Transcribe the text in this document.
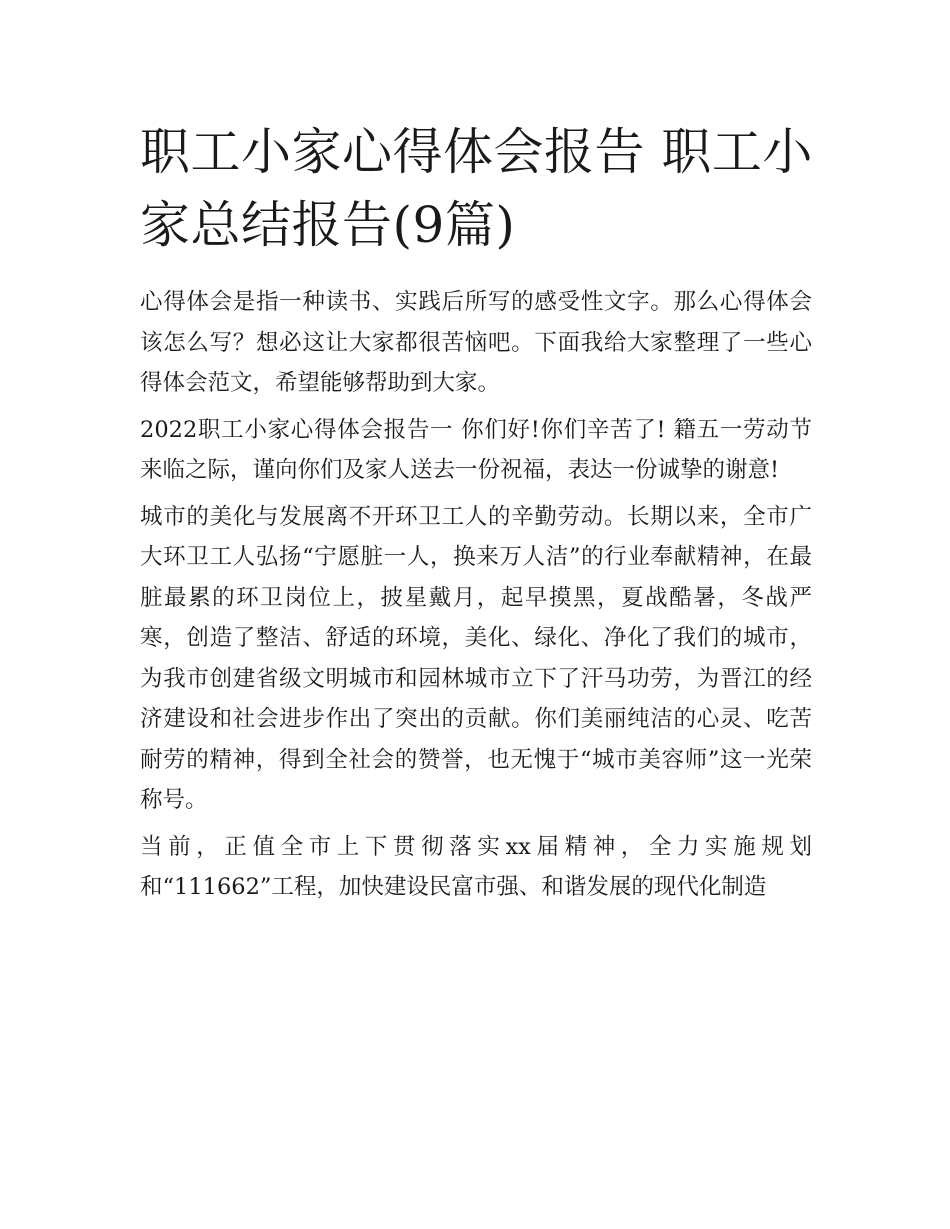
职工小家心得体会报告 职工小家总结报告(9篇)

心得体会是指一种读书、实践后所写的感受性文字。那么心得体会该怎么写？想必这让大家都很苦恼吧。下面我给大家整理了一些心得体会范文，希望能够帮助到大家。

2022职工小家心得体会报告一 你们好!你们辛苦了! 籍五一劳动节来临之际，谨向你们及家人送去一份祝福，表达一份诚挚的谢意!

城市的美化与发展离不开环卫工人的辛勤劳动。长期以来，全市广大环卫工人弘扬“宁愿脏一人，换来万人洁”的行业奉献精神，在最脏最累的环卫岗位上，披星戴月，起早摸黑，夏战酷暑，冬战严寒，创造了整洁、舒适的环境，美化、绿化、净化了我们的城市，为我市创建省级文明城市和园林城市立下了汗马功劳，为晋江的经济建设和社会进步作出了突出的贡献。你们美丽纯洁的心灵、吃苦耐劳的精神，得到全社会的赞誉，也无愧于“城市美容师”这一光荣称号。

当前，正值全市上下贯彻落实xx届精神，全力实施规划和“111662”工程，加快建设民富市强、和谐发展的现代化制造
